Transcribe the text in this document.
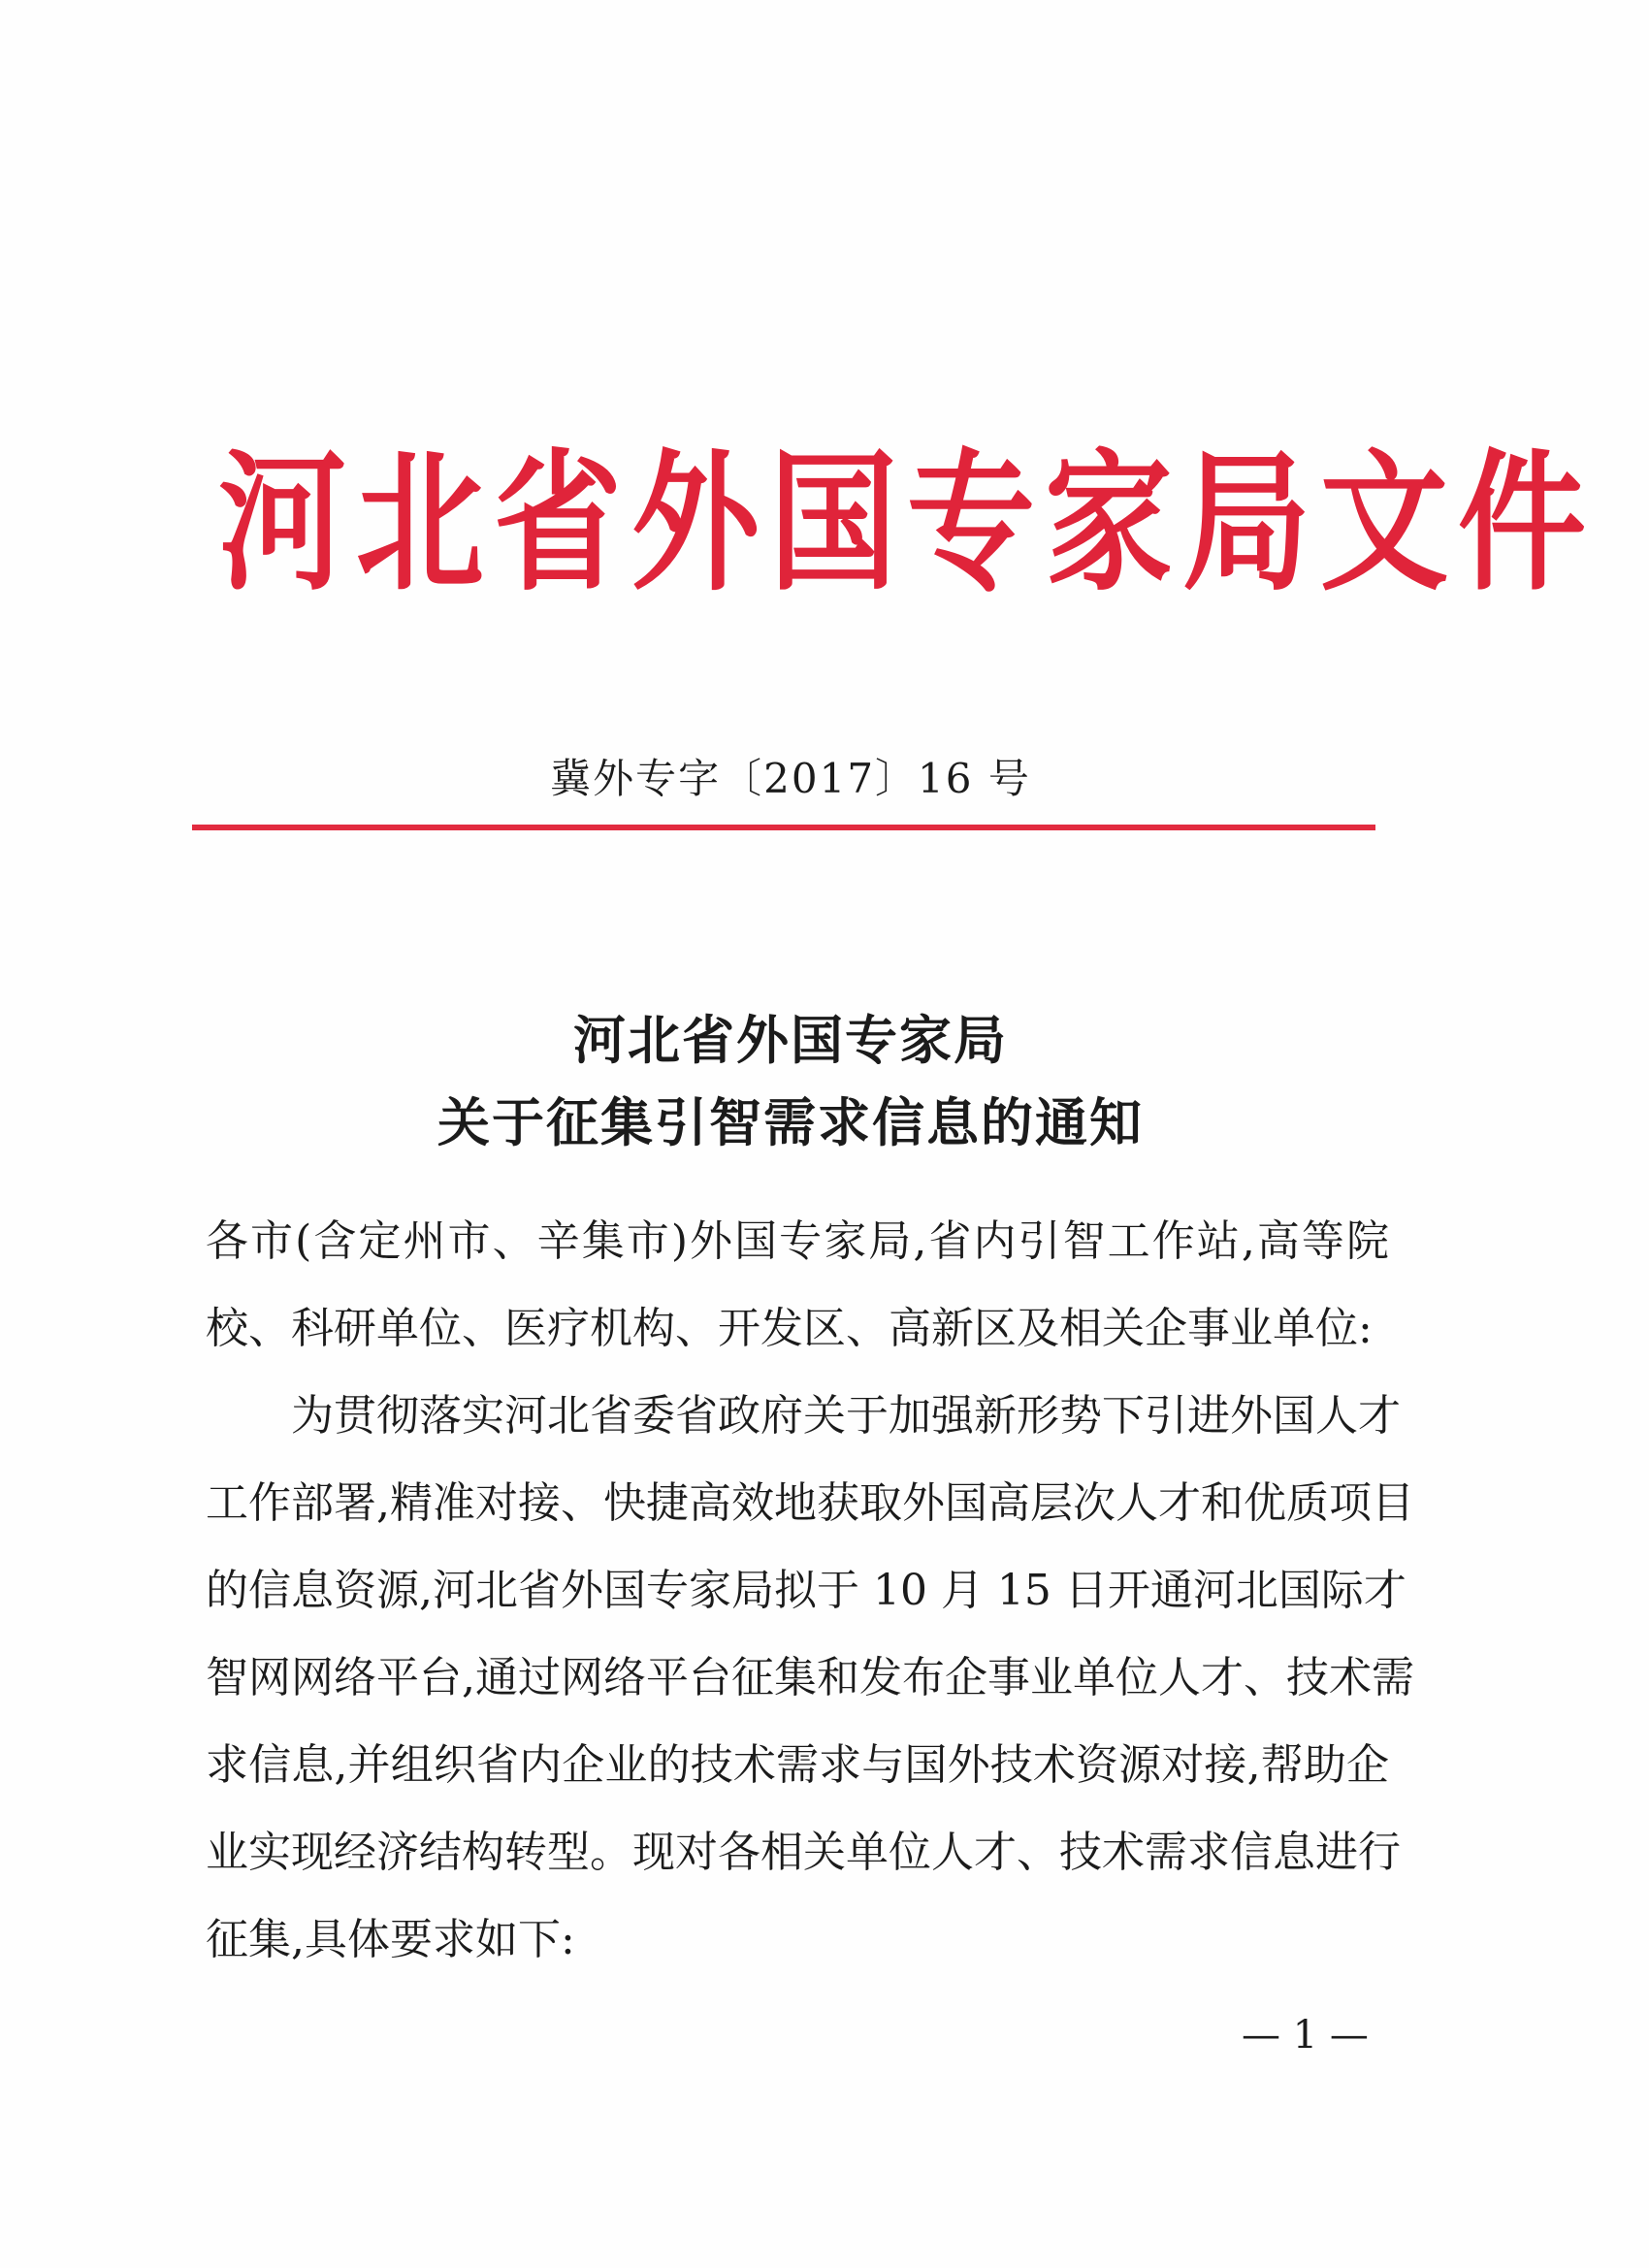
河北省外国专家局文件
冀外专字〔2017〕16 号
河北省外国专家局
关于征集引智需求信息的通知
各市(含定州市、辛集市)外国专家局,省内引智工作站,高等院
校、科研单位、医疗机构、开发区、高新区及相关企事业单位:
为贯彻落实河北省委省政府关于加强新形势下引进外国人才
工作部署,精准对接、快捷高效地获取外国高层次人才和优质项目
的信息资源,河北省外国专家局拟于 10 月 15 日开通河北国际才
智网网络平台,通过网络平台征集和发布企事业单位人才、技术需
求信息,并组织省内企业的技术需求与国外技术资源对接,帮助企
业实现经济结构转型。现对各相关单位人才、技术需求信息进行
征集,具体要求如下:
— 1 —
